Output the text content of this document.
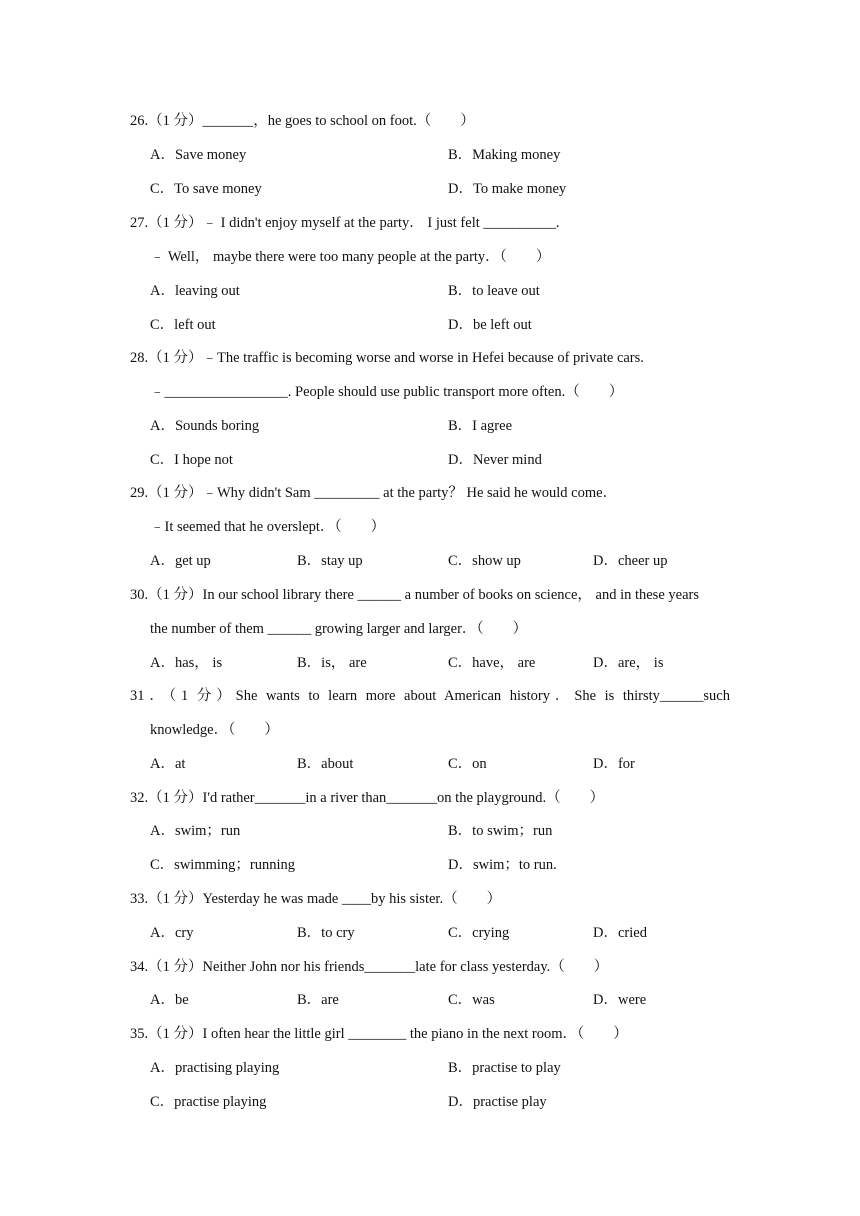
26.（1 分）_______，he goes to school on foot.（　　）
A．Save money	B．Making money
C．To save money	D．To make money
27.（1 分）﹣ I didn't enjoy myself at the party． I just felt __________.
﹣ Well， maybe there were too many people at the party．（　　）
A．leaving out	B．to leave out
C．left out	D．be left out
28.（1 分）﹣The traffic is becoming worse and worse in Hefei because of private cars.
﹣_________________. People should use public transport more often.（　　）
A．Sounds boring	B．I agree
C．I hope not	D．Never mind
29.（1 分）﹣Why didn't Sam _________ at the party？ He said he would come．
﹣It seemed that he overslept．（　　）
A．get up	B．stay up	C．show up	D．cheer up
30.（1 分）In our school library there ______ a number of books on science， and in these years
the number of them ______ growing larger and larger．（　　）
A．has， is	B．is， are	C．have， are	D．are， is
31．（1 分）She wants to learn more about American history．She is thirsty______such
knowledge．（　　）
A．at	B．about	C．on	D．for
32.（1 分）I'd rather_______in a river than_______on the playground.（　　）
A．swim；run	B．to swim；run
C．swimming；running	D．swim；to run.
33.（1 分）Yesterday he was made ____by his sister.（　　）
A．cry	B．to cry	C．crying	D．cried
34.（1 分）Neither John nor his friends_______late for class yesterday.（　　）
A．be	B．are	C．was	D．were
35.（1 分）I often hear the little girl ________ the piano in the next room．（　　）
A．practising playing	B．practise to play
C．practise playing	D．practise play
